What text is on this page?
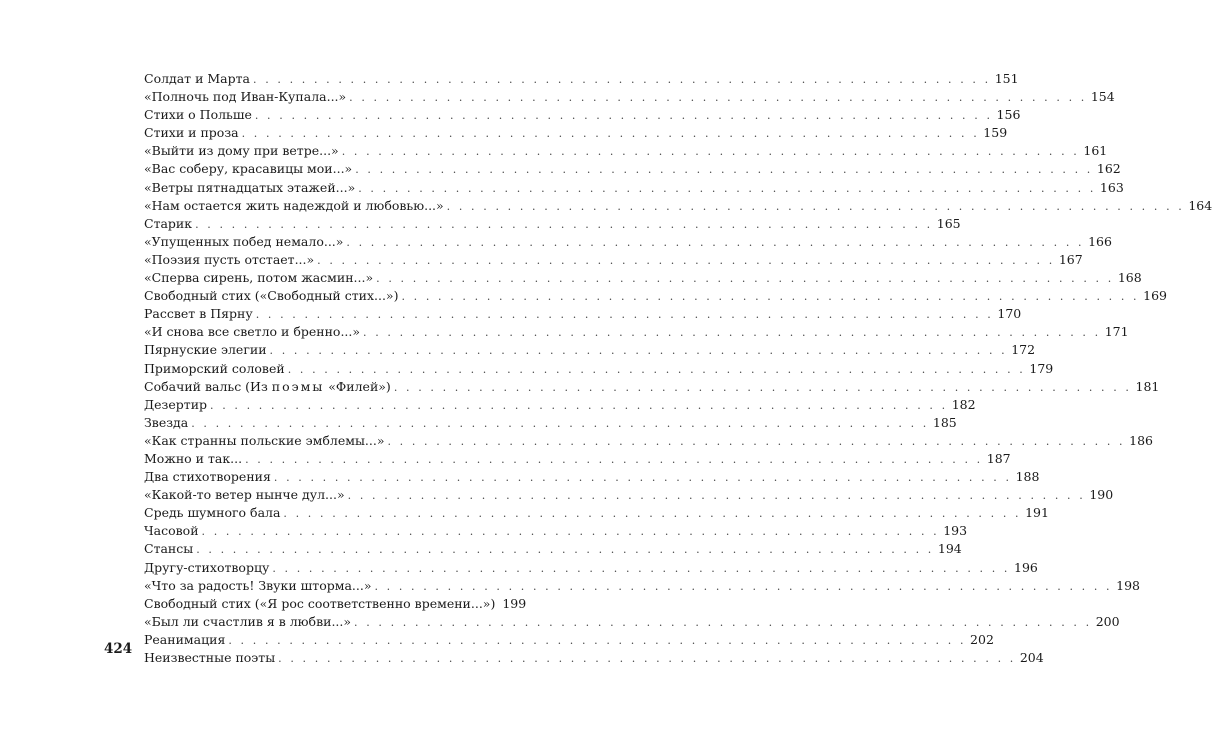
Солдат и Марта . . . . . . . . . . . . . . . . . . . . . . . . . . . . . . . . . . . . . . . . . . . . . . . . . . . . . . . . . . . . . 151
«Полночь под Иван-Купала...» . . . . . . . . . . . . . . . . . . . . . . . . . . . . . . . . . . . . . . . . . . . . . . . . . . . . . . . . . . . . . 154
Стихи о Польше . . . . . . . . . . . . . . . . . . . . . . . . . . . . . . . . . . . . . . . . . . . . . . . . . . . . . . . . . . . . . 156
Стихи и проза . . . . . . . . . . . . . . . . . . . . . . . . . . . . . . . . . . . . . . . . . . . . . . . . . . . . . . . . . . . . . 159
«Выйти из дому при ветре...» . . . . . . . . . . . . . . . . . . . . . . . . . . . . . . . . . . . . . . . . . . . . . . . . . . . . . . . . . . . . . 161
«Вас соберу, красавицы мои...» . . . . . . . . . . . . . . . . . . . . . . . . . . . . . . . . . . . . . . . . . . . . . . . . . . . . . . . . . . . . . 162
«Ветры пятнадцатых этажей...» . . . . . . . . . . . . . . . . . . . . . . . . . . . . . . . . . . . . . . . . . . . . . . . . . . . . . . . . . . . . . 163
«Нам остается жить надеждой и любовью...» . . . . . . . . . . . . . . . . . . . . . . . . . . . . . . . . . . . . . . . . . . . . . . . . . . . . . . . . . . . . . 164
Старик . . . . . . . . . . . . . . . . . . . . . . . . . . . . . . . . . . . . . . . . . . . . . . . . . . . . . . . . . . . . . 165
«Упущенных побед немало...» . . . . . . . . . . . . . . . . . . . . . . . . . . . . . . . . . . . . . . . . . . . . . . . . . . . . . . . . . . . . . 166
«Поэзия пусть отстает...» . . . . . . . . . . . . . . . . . . . . . . . . . . . . . . . . . . . . . . . . . . . . . . . . . . . . . . . . . . . . . 167
«Сперва сирень, потом жасмин...» . . . . . . . . . . . . . . . . . . . . . . . . . . . . . . . . . . . . . . . . . . . . . . . . . . . . . . . . . . . . . 168
Свободный стих («Свободный стих...») . . . . . . . . . . . . . . . . . . . . . . . . . . . . . . . . . . . . . . . . . . . . . . . . . . . . . . . . . . . . . 169
Рассвет в Пярну . . . . . . . . . . . . . . . . . . . . . . . . . . . . . . . . . . . . . . . . . . . . . . . . . . . . . . . . . . . . . 170
«И снова все светло и бренно...» . . . . . . . . . . . . . . . . . . . . . . . . . . . . . . . . . . . . . . . . . . . . . . . . . . . . . . . . . . . . . 171
Пярнуские элегии . . . . . . . . . . . . . . . . . . . . . . . . . . . . . . . . . . . . . . . . . . . . . . . . . . . . . . . . . . . . . 172
Приморский соловей . . . . . . . . . . . . . . . . . . . . . . . . . . . . . . . . . . . . . . . . . . . . . . . . . . . . . . . . . . . . . 179
Собачий вальс (Из поэмы «Филей») . . . . . . . . . . . . . . . . . . . . . . . . . . . . . . . . . . . . . . . . . . . . . . . . . . . . . . . . . . . . . 181
Дезертир . . . . . . . . . . . . . . . . . . . . . . . . . . . . . . . . . . . . . . . . . . . . . . . . . . . . . . . . . . . . . 182
Звезда . . . . . . . . . . . . . . . . . . . . . . . . . . . . . . . . . . . . . . . . . . . . . . . . . . . . . . . . . . . . . 185
«Как странны польские эмблемы...» . . . . . . . . . . . . . . . . . . . . . . . . . . . . . . . . . . . . . . . . . . . . . . . . . . . . . . . . . . . . . 186
Можно и так... . . . . . . . . . . . . . . . . . . . . . . . . . . . . . . . . . . . . . . . . . . . . . . . . . . . . . . . . . . . . . 187
Два стихотворения . . . . . . . . . . . . . . . . . . . . . . . . . . . . . . . . . . . . . . . . . . . . . . . . . . . . . . . . . . . . . 188
«Какой-то ветер нынче дул...» . . . . . . . . . . . . . . . . . . . . . . . . . . . . . . . . . . . . . . . . . . . . . . . . . . . . . . . . . . . . . 190
Средь шумного бала . . . . . . . . . . . . . . . . . . . . . . . . . . . . . . . . . . . . . . . . . . . . . . . . . . . . . . . . . . . . . 191
Часовой . . . . . . . . . . . . . . . . . . . . . . . . . . . . . . . . . . . . . . . . . . . . . . . . . . . . . . . . . . . . . 193
Стансы . . . . . . . . . . . . . . . . . . . . . . . . . . . . . . . . . . . . . . . . . . . . . . . . . . . . . . . . . . . . . 194
Другу-стихотворцу . . . . . . . . . . . . . . . . . . . . . . . . . . . . . . . . . . . . . . . . . . . . . . . . . . . . . . . . . . . . . 196
«Что за радость! Звуки шторма...» . . . . . . . . . . . . . . . . . . . . . . . . . . . . . . . . . . . . . . . . . . . . . . . . . . . . . . . . . . . . . 198
Свободный стих («Я рос соответственно времени...») 199
«Был ли счастлив я в любви...» . . . . . . . . . . . . . . . . . . . . . . . . . . . . . . . . . . . . . . . . . . . . . . . . . . . . . . . . . . . . . 200
Реанимация . . . . . . . . . . . . . . . . . . . . . . . . . . . . . . . . . . . . . . . . . . . . . . . . . . . . . . . . . . . . . 202
Неизвестные поэты . . . . . . . . . . . . . . . . . . . . . . . . . . . . . . . . . . . . . . . . . . . . . . . . . . . . . . . . . . . . . 204
424
